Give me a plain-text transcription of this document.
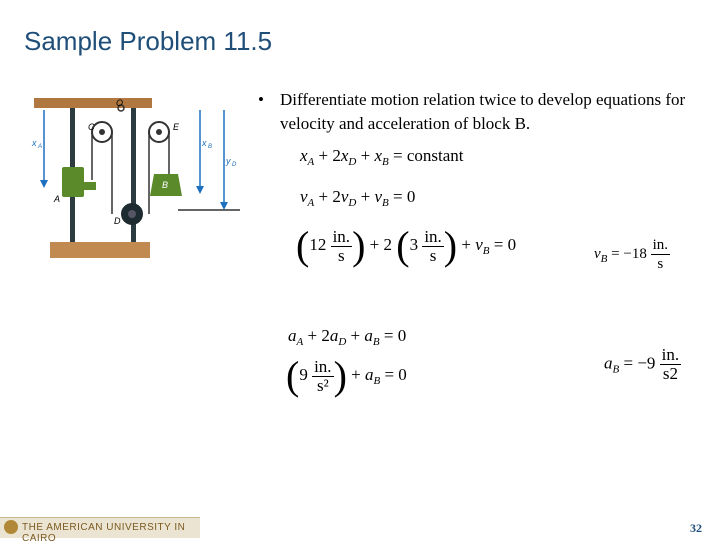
Sample Problem 11.5
O
C	E
A
B
D
x A	x B
y D
• Differentiate motion relation twice to develop equations for velocity and acceleration of block B.
$x_A + 2x_D + x_B$ = constant
$v_A + 2v_D + v_B = 0$
($12 \frac{in.}{s}$ ) + 2 ($3 \frac{in.}{s}$ ) + $v_B = 0$
$v_B = -18 \frac{in.}{s}$
$a_A + 2a_D + a_B = 0$
($9 \frac{in.}{\text{s²}}$ ) + $a_B = 0$
$a_B = -9 \frac{in.}{s2}$
THE AMERICAN UNIVERSITY IN CAIRO
32
